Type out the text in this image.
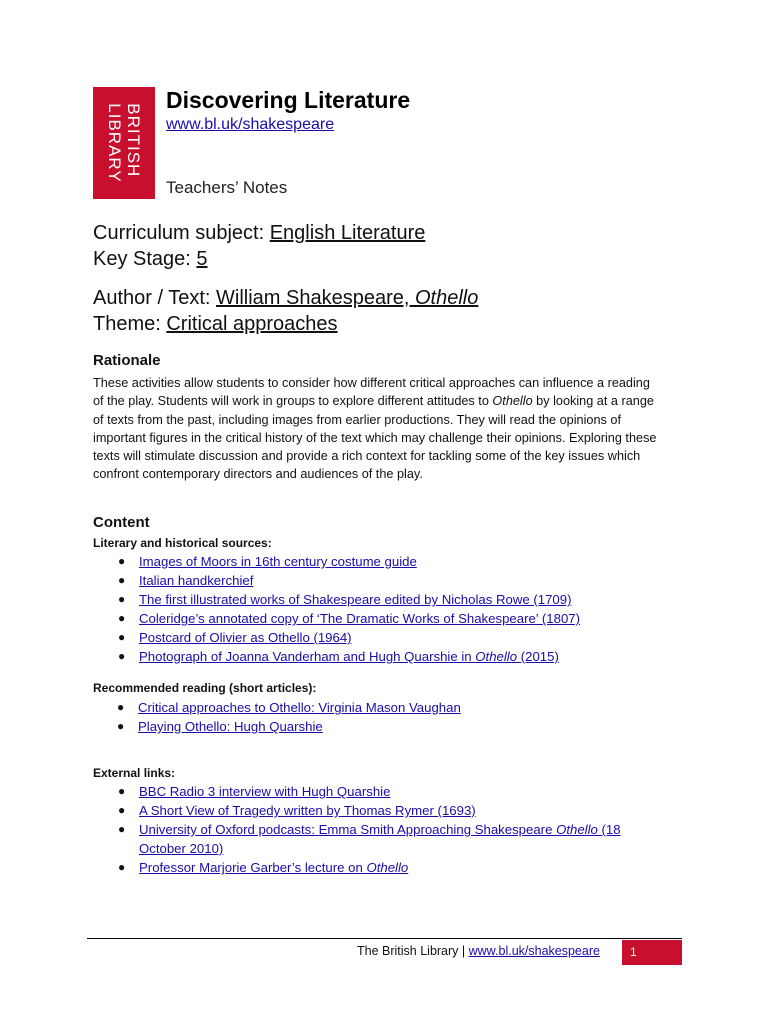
BRITISH
LIBRARY
Discovering Literature
www.bl.uk/shakespeare
Teachers’ Notes
Curriculum subject: English Literature
Key Stage: 5
Author / Text: William Shakespeare, Othello
Theme: Critical approaches
Rationale
These activities allow students to consider how different critical approaches can influence a reading of the play. Students will work in groups to explore different attitudes to Othello by looking at a range of texts from the past, including images from earlier productions. They will read the opinions of important figures in the critical history of the text which may challenge their opinions. Exploring these texts will stimulate discussion and provide a rich context for tackling some of the key issues which confront contemporary directors and audiences of the play.
Content
Literary and historical sources:
● Images of Moors in 16th century costume guide
● Italian handkerchief
● The first illustrated works of Shakespeare edited by Nicholas Rowe (1709)
● Coleridge’s annotated copy of ‘The Dramatic Works of Shakespeare’ (1807)
● Postcard of Olivier as Othello (1964)
● Photograph of Joanna Vanderham and Hugh Quarshie in Othello (2015)
Recommended reading (short articles):
● Critical approaches to Othello: Virginia Mason Vaughan
● Playing Othello: Hugh Quarshie
External links:
● BBC Radio 3 interview with Hugh Quarshie
● A Short View of Tragedy written by Thomas Rymer (1693)
● University of Oxford podcasts: Emma Smith Approaching Shakespeare Othello (18 October 2010)
● Professor Marjorie Garber’s lecture on Othello
The British Library | www.bl.uk/shakespeare	1
